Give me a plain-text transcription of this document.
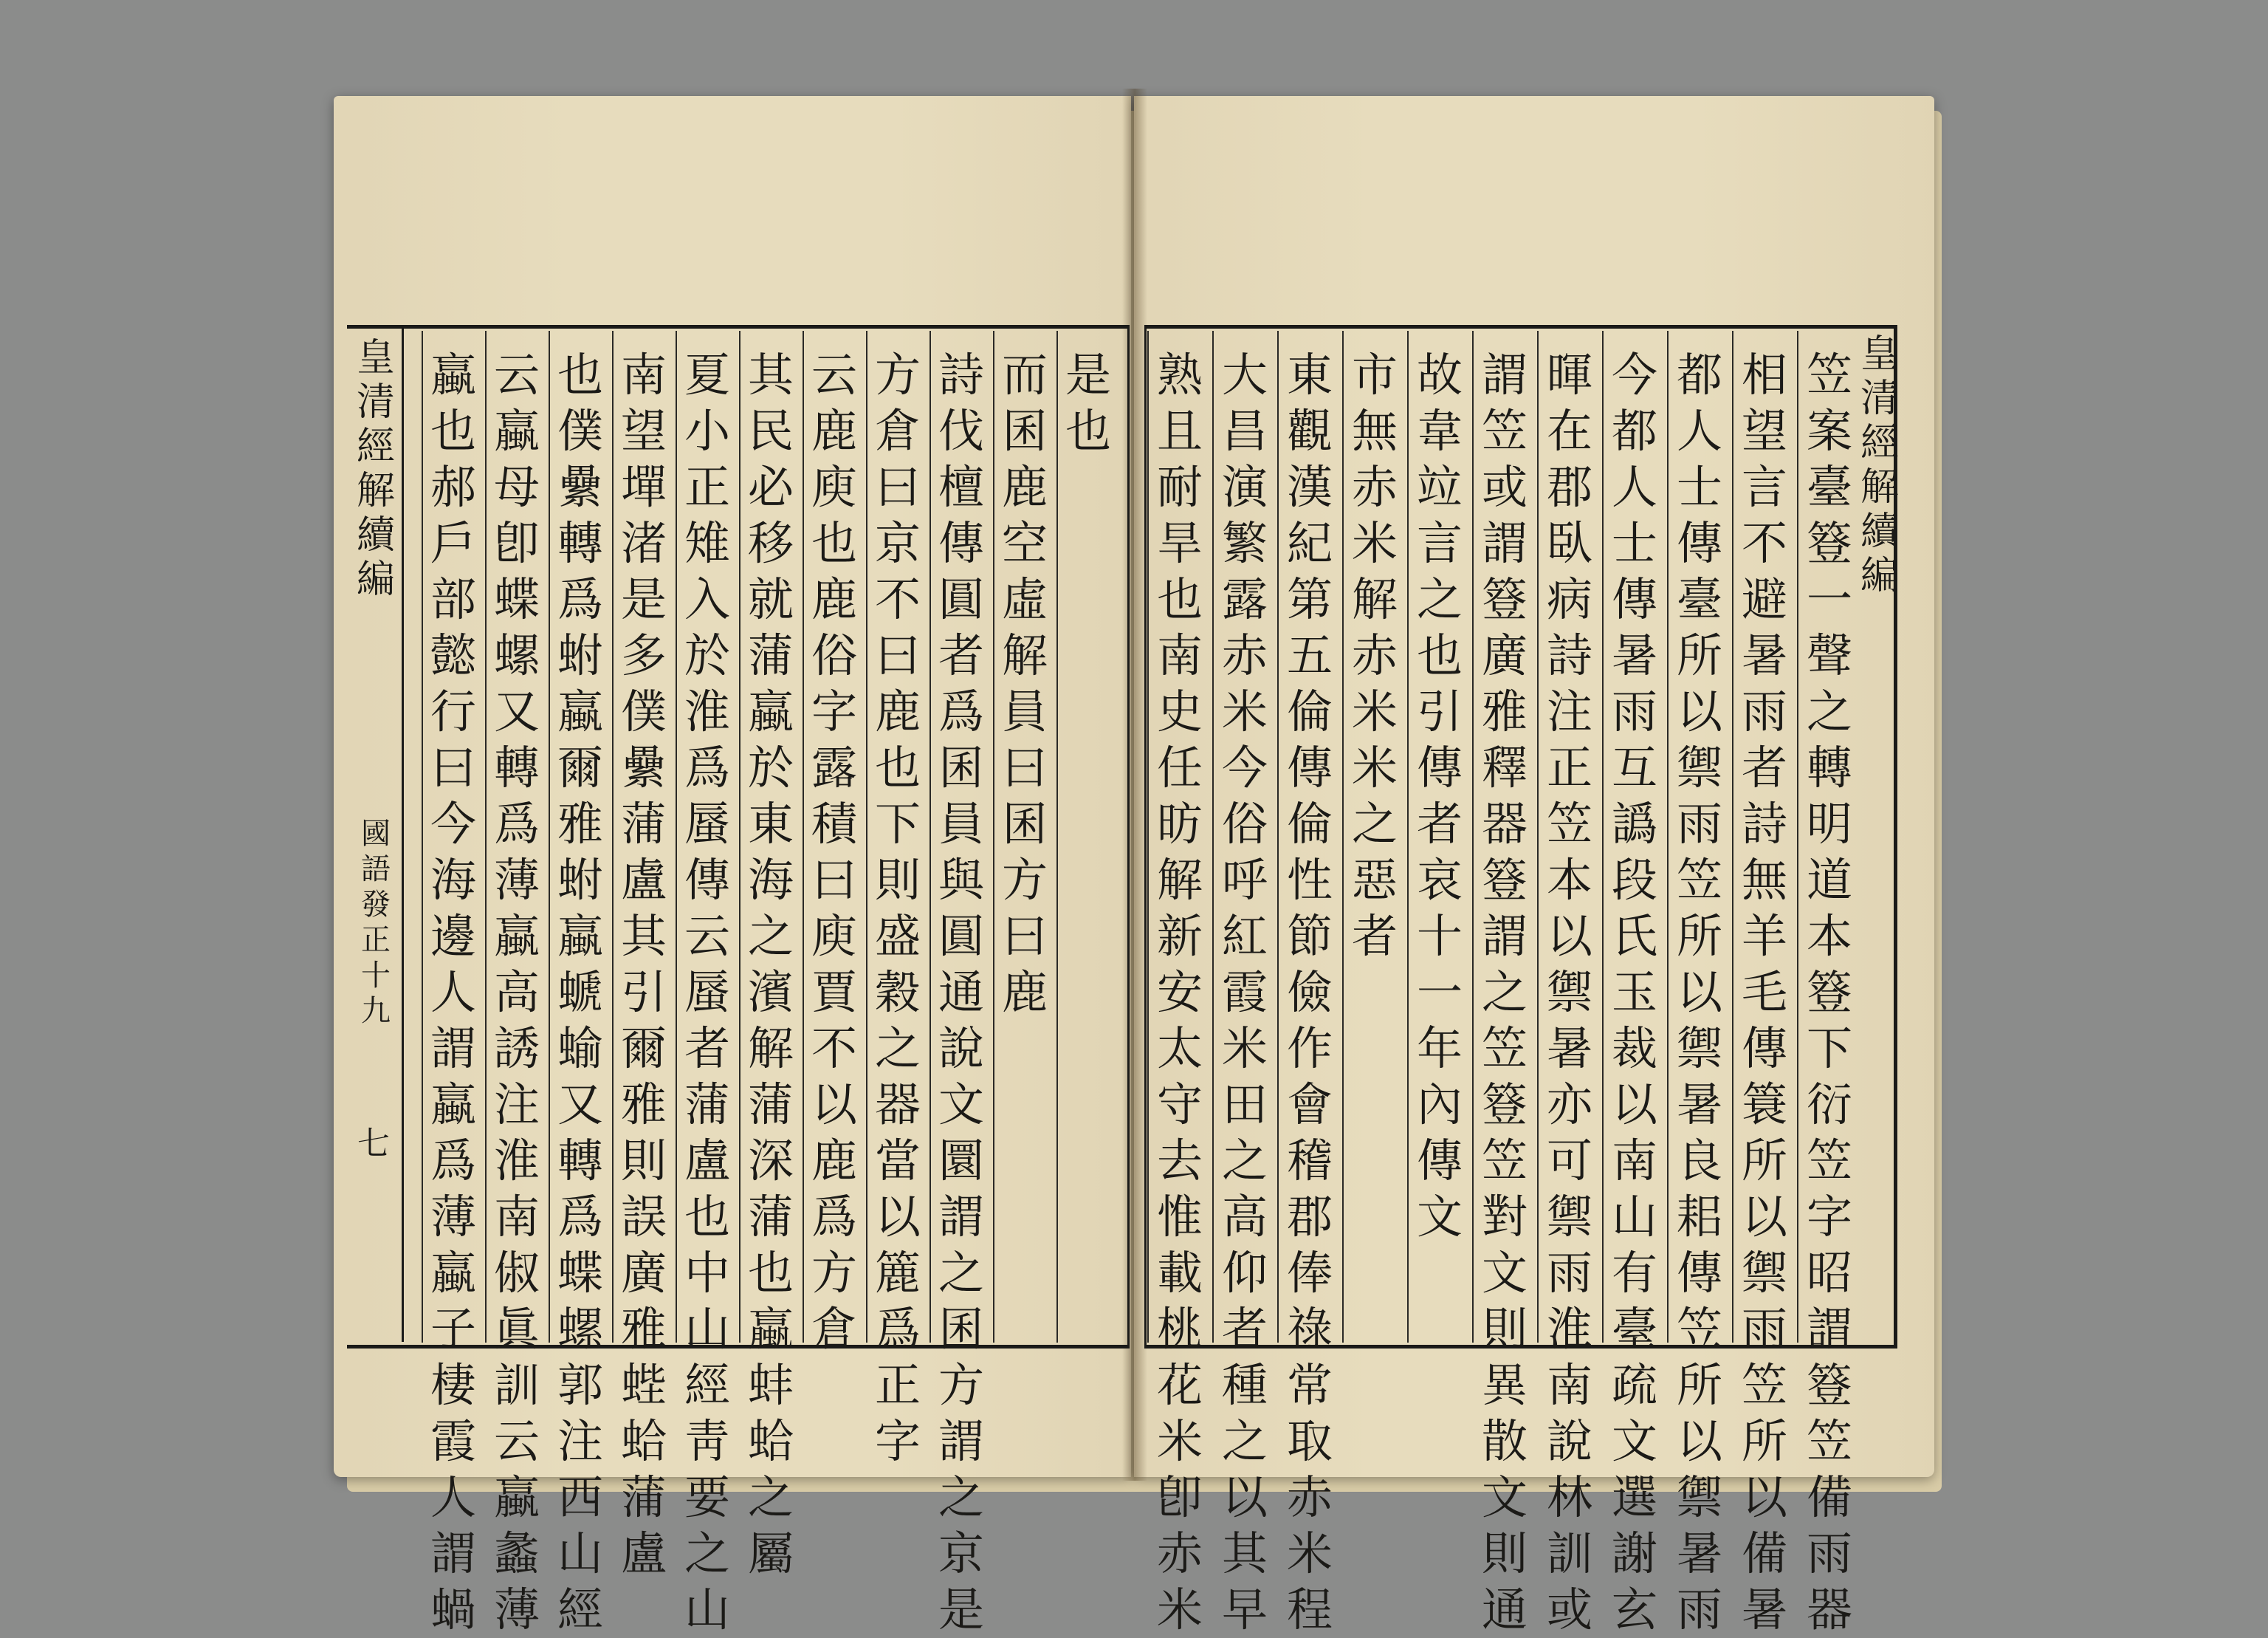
皇
清
經
解
續
編
國
語
發
正
十
九
七
皇
清
經
解
續
編
是
也
而
囷
鹿
空
虛
解
員
曰
囷
方
曰
鹿
詩
伐
檀
傳
圓
者
爲
囷
員
與
圓
通
說
文
圜
謂
之
囷
方
謂
之
京
是
方
倉
曰
京
不
曰
鹿
也
下
則
盛
穀
之
器
當
以
簏
爲
正
字
云
鹿
庾
也
鹿
俗
字
露
積
曰
庾
賈
不
以
鹿
爲
方
倉
其
民
必
移
就
蒲
蠃
於
東
海
之
濱
解
蒲
深
蒲
也
蠃
蚌
蛤
之
屬
夏
小
正
雉
入
於
淮
爲
蜃
傳
云
蜃
者
蒲
盧
也
中
山
經
靑
要
之
山
南
望
墠
渚
是
多
僕
纍
蒲
盧
其
引
爾
雅
則
誤
廣
雅
蜌
蛤
蒲
盧
也
僕
纍
轉
爲
蚹
蠃
爾
雅
蚹
蠃
螔
蝓
又
轉
爲
蝶
螺
郭
注
西
山
經
云
蠃
母
卽
蝶
螺
又
轉
爲
薄
蠃
高
誘
注
淮
南
俶
眞
訓
云
蠃
蠡
薄
蠃
也
郝
戶
部
懿
行
曰
今
海
邊
人
謂
蠃
爲
薄
蠃
子
棲
霞
人
謂
蝸
笠
案
臺
簦
一
聲
之
轉
明
道
本
簦
下
衍
笠
字
昭
謂
簦
笠
備
雨
器
相
望
言
不
避
暑
雨
者
詩
無
羊
毛
傳
簑
所
以
禦
雨
笠
所
以
備
暑
都
人
士
傳
臺
所
以
禦
雨
笠
所
以
禦
暑
良
耜
傳
笠
所
以
禦
暑
雨
今
都
人
士
傳
暑
雨
互
譌
段
氏
玉
裁
以
南
山
有
臺
疏
文
選
謝
玄
暉
在
郡
臥
病
詩
注
正
笠
本
以
禦
暑
亦
可
禦
雨
淮
南
說
林
訓
或
謂
笠
或
謂
簦
廣
雅
釋
器
簦
謂
之
笠
簦
笠
對
文
則
異
散
文
則
通
故
韋
竝
言
之
也
引
傳
者
哀
十
一
年
內
傳
文
市
無
赤
米
解
赤
米
米
之
惡
者
東
觀
漢
紀
第
五
倫
傳
倫
性
節
儉
作
會
稽
郡
俸
祿
常
取
赤
米
程
大
昌
演
繁
露
赤
米
今
俗
呼
紅
霞
米
田
之
高
仰
者
種
之
以
其
早
熟
且
耐
旱
也
南
史
任
昉
解
新
安
太
守
去
惟
載
桃
花
米
卽
赤
米
